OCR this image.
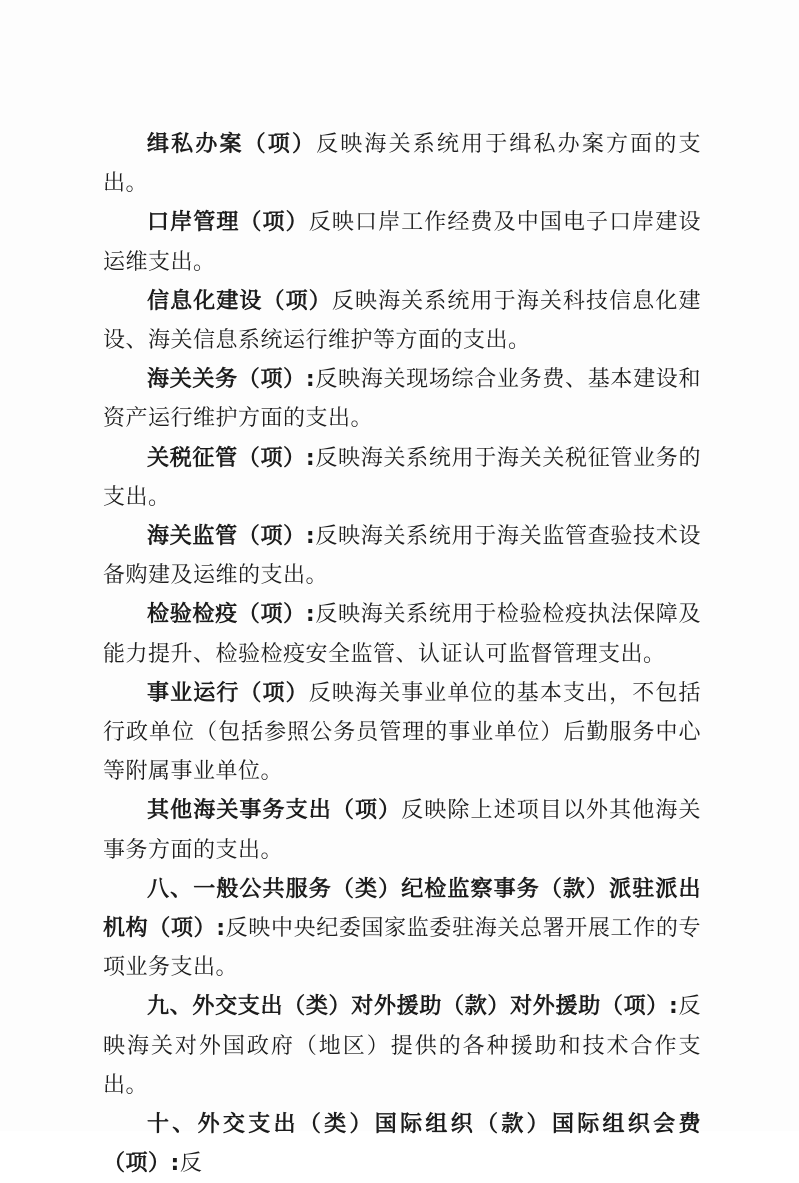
缉私办案（项）反映海关系统用于缉私办案方面的支出。

口岸管理（项）反映口岸工作经费及中国电子口岸建设运维支出。

信息化建设（项）反映海关系统用于海关科技信息化建设、海关信息系统运行维护等方面的支出。

海关关务（项）:反映海关现场综合业务费、基本建设和资产运行维护方面的支出。

关税征管（项）:反映海关系统用于海关关税征管业务的支出。

海关监管（项）:反映海关系统用于海关监管查验技术设备购建及运维的支出。

检验检疫（项）:反映海关系统用于检验检疫执法保障及能力提升、检验检疫安全监管、认证认可监督管理支出。

事业运行（项）反映海关事业单位的基本支出，不包括行政单位（包括参照公务员管理的事业单位）后勤服务中心等附属事业单位。

其他海关事务支出（项）反映除上述项目以外其他海关事务方面的支出。

八、一般公共服务（类）纪检监察事务（款）派驻派出机构（项）:反映中央纪委国家监委驻海关总署开展工作的专项业务支出。

九、外交支出（类）对外援助（款）对外援助（项）:反映海关对外国政府（地区）提供的各种援助和技术合作支出。

十、外交支出（类）国际组织（款）国际组织会费（项）:反
